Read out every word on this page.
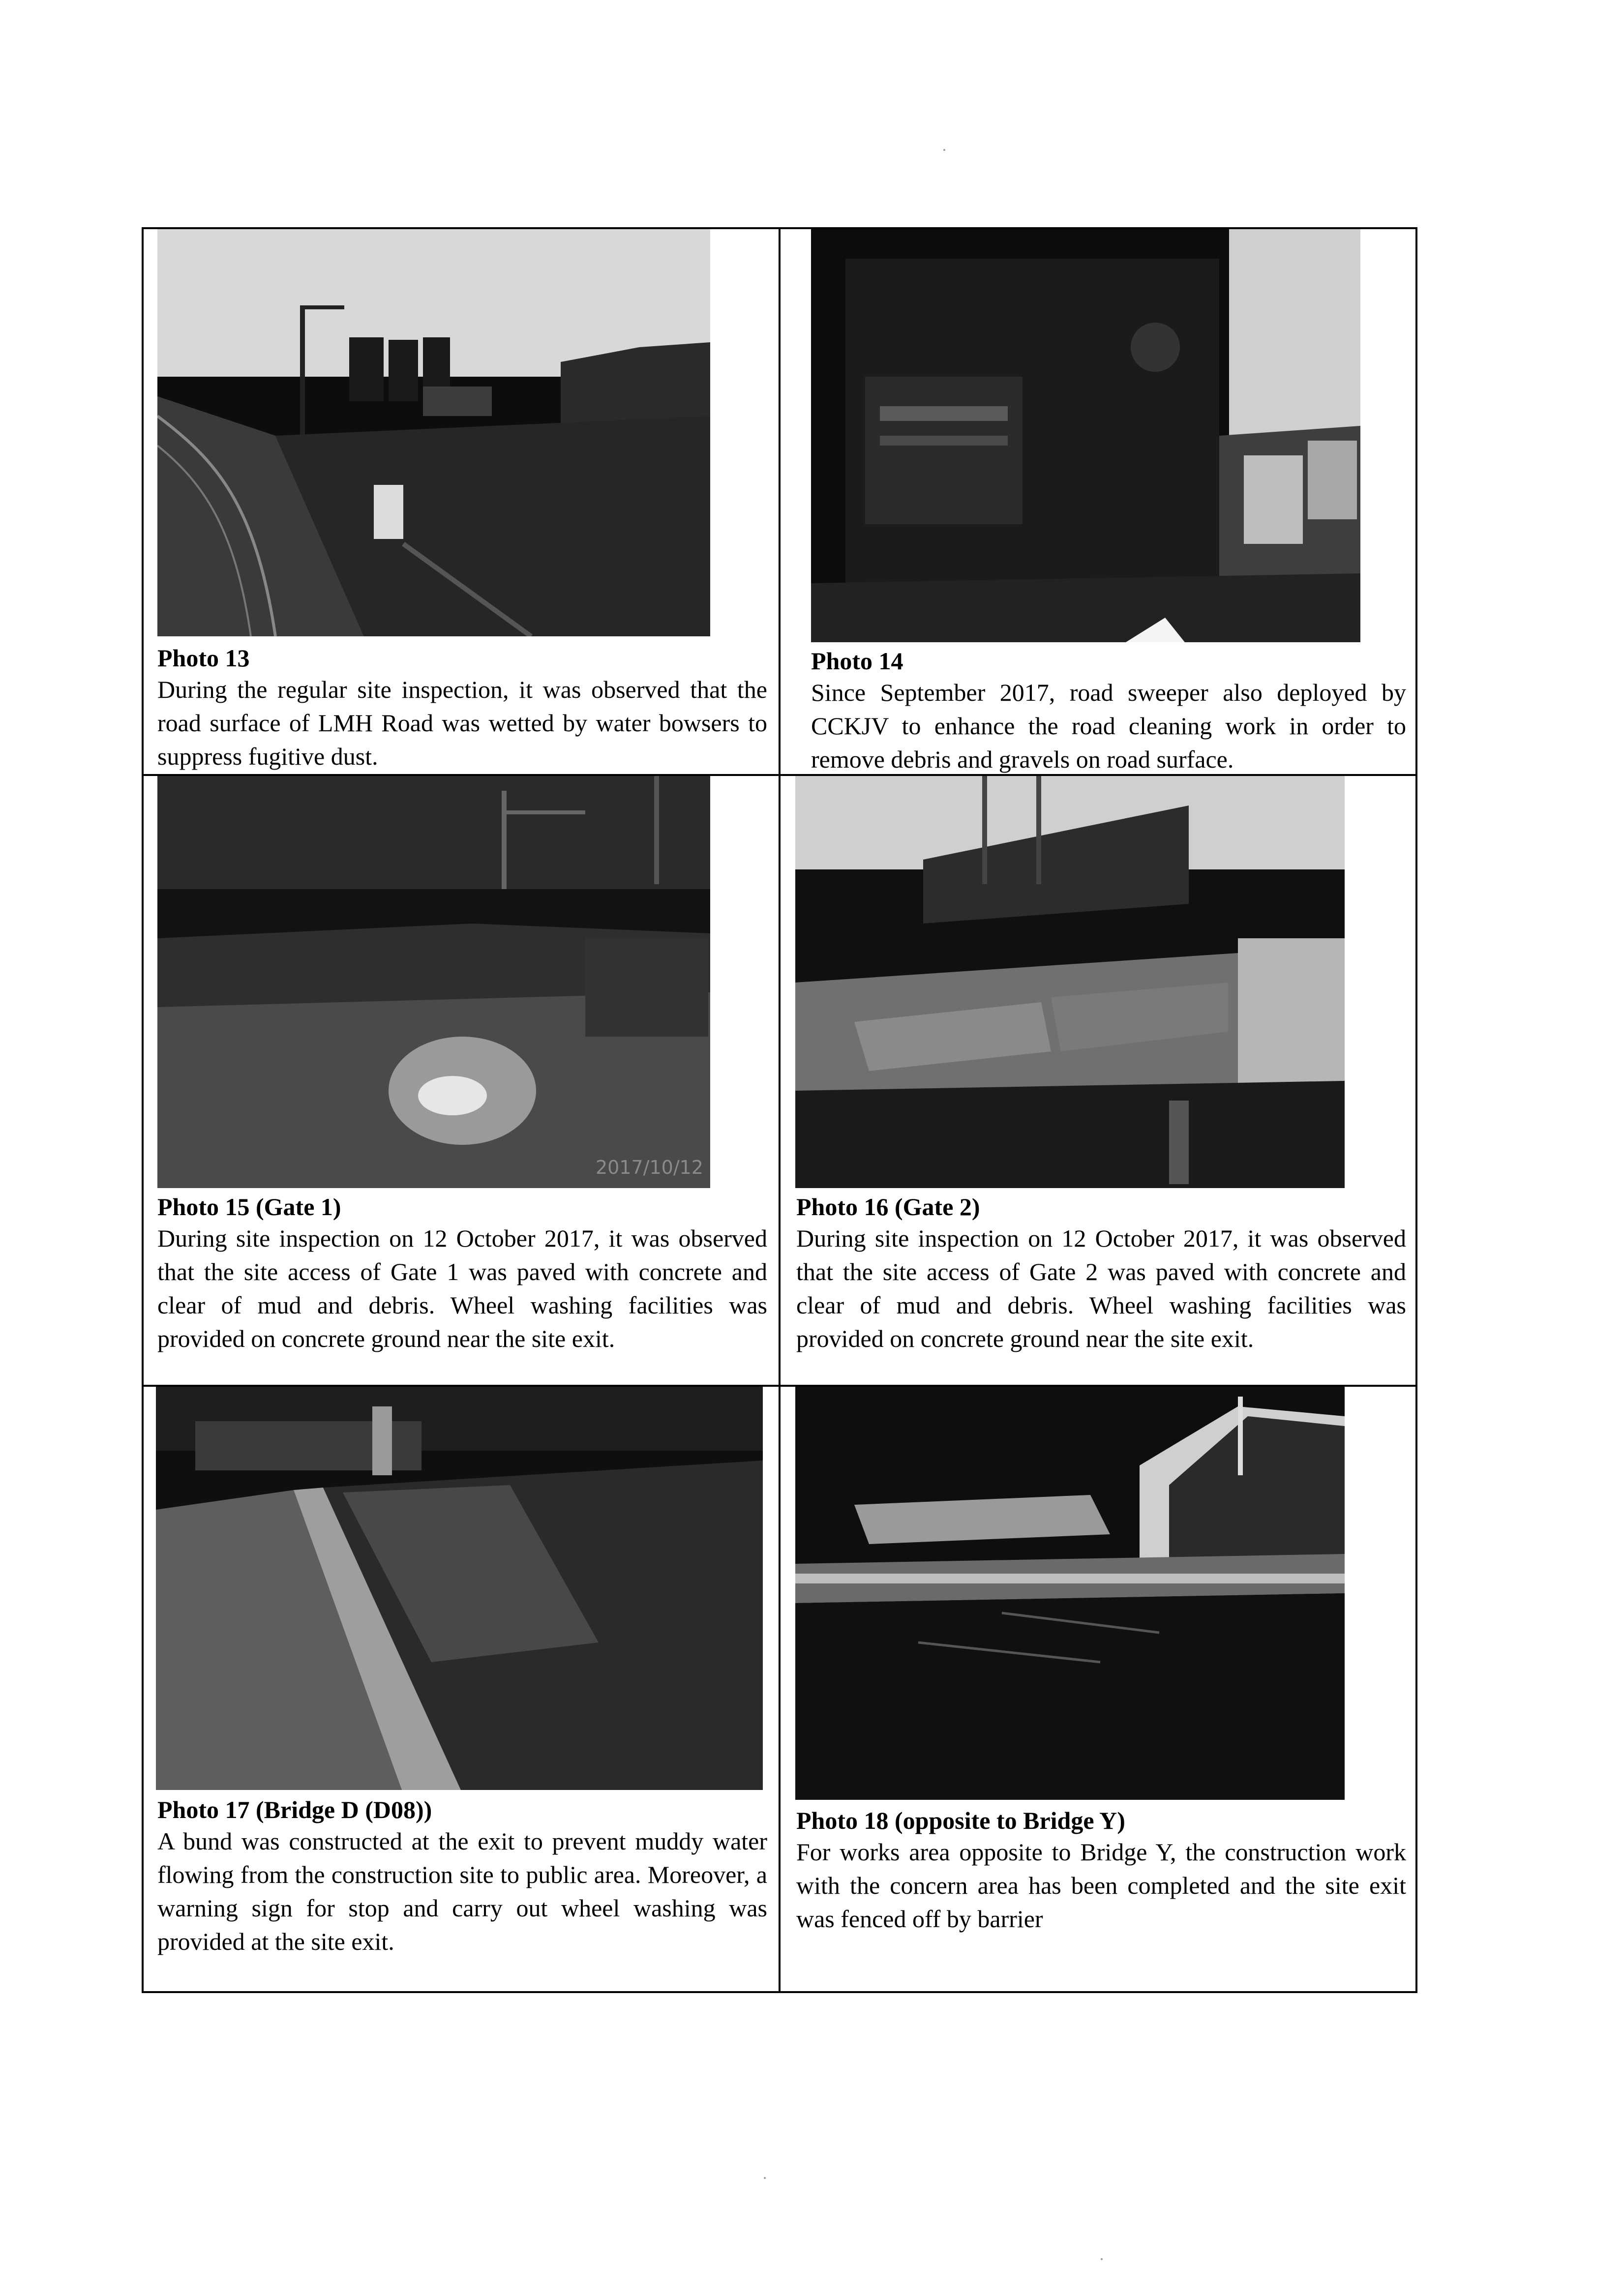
Photo 13
During the regular site inspection, it was observed that the road surface of LMH Road was wetted by water bowsers to suppress fugitive dust.
Photo 14
Since September 2017, road sweeper also deployed by CCKJV to enhance the road cleaning work in order to remove debris and gravels on road surface.
2017/10/12
Photo 15 (Gate 1)
During site inspection on 12 October 2017, it was observed that the site access of Gate 1 was paved with concrete and clear of mud and debris. Wheel washing facilities was provided on concrete ground near the site exit.
Photo 16 (Gate 2)
During site inspection on 12 October 2017, it was observed that the site access of Gate 2 was paved with concrete and clear of mud and debris. Wheel washing facilities was provided on concrete ground near the site exit.
Photo 17 (Bridge D (D08))
A bund was constructed at the exit to prevent muddy water flowing from the construction site to public area. Moreover, a warning sign for stop and carry out wheel washing was provided at the site exit.
Photo 18 (opposite to Bridge Y)
For works area opposite to Bridge Y, the construction work with the concern area has been completed and the site exit was fenced off by barrier
